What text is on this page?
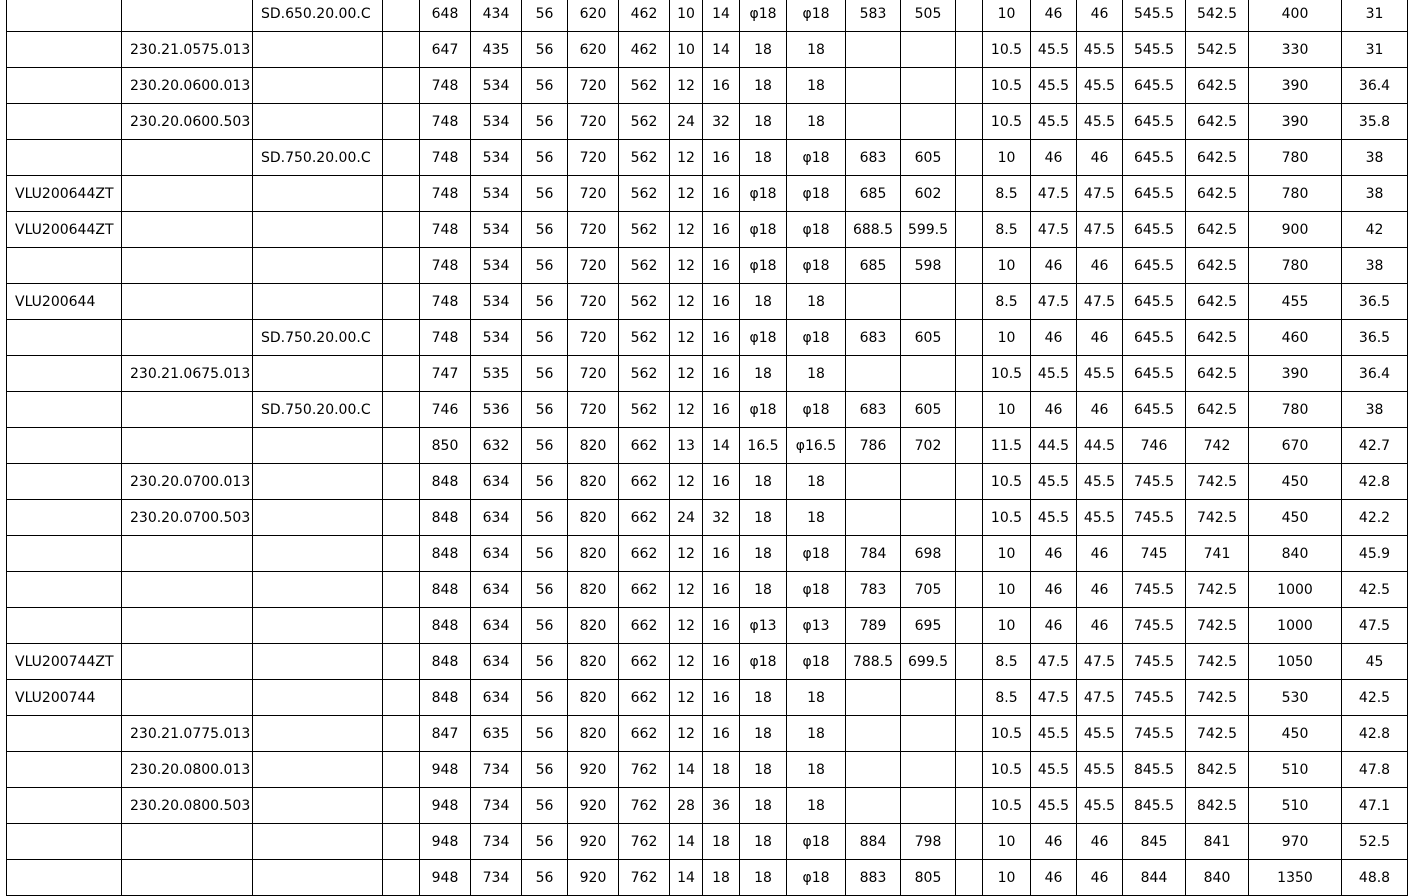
		SD.650.20.00.C		648	434	56	620	462	10	14	φ18	φ18	583	505		10	46	46	545.5	542.5	400	31
	230.21.0575.013			647	435	56	620	462	10	14	18	18				10.5	45.5	45.5	545.5	542.5	330	31
	230.20.0600.013			748	534	56	720	562	12	16	18	18				10.5	45.5	45.5	645.5	642.5	390	36.4
	230.20.0600.503			748	534	56	720	562	24	32	18	18				10.5	45.5	45.5	645.5	642.5	390	35.8
		SD.750.20.00.C		748	534	56	720	562	12	16	18	φ18	683	605		10	46	46	645.5	642.5	780	38
VLU200644ZT				748	534	56	720	562	12	16	φ18	φ18	685	602		8.5	47.5	47.5	645.5	642.5	780	38
VLU200644ZT				748	534	56	720	562	12	16	φ18	φ18	688.5	599.5		8.5	47.5	47.5	645.5	642.5	900	42
				748	534	56	720	562	12	16	φ18	φ18	685	598		10	46	46	645.5	642.5	780	38
VLU200644				748	534	56	720	562	12	16	18	18				8.5	47.5	47.5	645.5	642.5	455	36.5
		SD.750.20.00.C		748	534	56	720	562	12	16	φ18	φ18	683	605		10	46	46	645.5	642.5	460	36.5
	230.21.0675.013			747	535	56	720	562	12	16	18	18				10.5	45.5	45.5	645.5	642.5	390	36.4
		SD.750.20.00.C		746	536	56	720	562	12	16	φ18	φ18	683	605		10	46	46	645.5	642.5	780	38
				850	632	56	820	662	13	14	16.5	φ16.5	786	702		11.5	44.5	44.5	746	742	670	42.7
	230.20.0700.013			848	634	56	820	662	12	16	18	18				10.5	45.5	45.5	745.5	742.5	450	42.8
	230.20.0700.503			848	634	56	820	662	24	32	18	18				10.5	45.5	45.5	745.5	742.5	450	42.2
				848	634	56	820	662	12	16	18	φ18	784	698		10	46	46	745	741	840	45.9
				848	634	56	820	662	12	16	18	φ18	783	705		10	46	46	745.5	742.5	1000	42.5
				848	634	56	820	662	12	16	φ13	φ13	789	695		10	46	46	745.5	742.5	1000	47.5
VLU200744ZT				848	634	56	820	662	12	16	φ18	φ18	788.5	699.5		8.5	47.5	47.5	745.5	742.5	1050	45
VLU200744				848	634	56	820	662	12	16	18	18				8.5	47.5	47.5	745.5	742.5	530	42.5
	230.21.0775.013			847	635	56	820	662	12	16	18	18				10.5	45.5	45.5	745.5	742.5	450	42.8
	230.20.0800.013			948	734	56	920	762	14	18	18	18				10.5	45.5	45.5	845.5	842.5	510	47.8
	230.20.0800.503			948	734	56	920	762	28	36	18	18				10.5	45.5	45.5	845.5	842.5	510	47.1
				948	734	56	920	762	14	18	18	φ18	884	798		10	46	46	845	841	970	52.5
				948	734	56	920	762	14	18	18	φ18	883	805		10	46	46	844	840	1350	48.8
